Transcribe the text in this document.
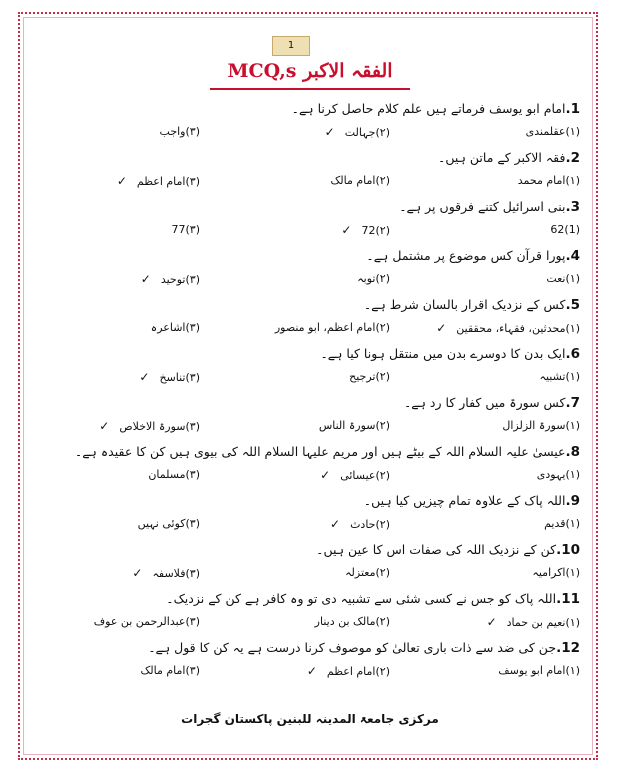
1
الفقہ الاکبر MCQ,s
1.امام ابو یوسف فرماتے ہیں علم کلام حاصل کرنا ہے۔
(۱)عقلمندی
(۲)جہالت✓
(۳)واجب
2.فقہ الاکبر کے ماتن ہیں۔
(۱)امام محمد
(۲)امام مالک
(۳)امام اعظم✓
3.بنی اسرائیل کتنے فرقوں پر ہے۔
(1)62
(۲)72✓
(۳)77
4.پورا قرآن کس موضوع پر مشتمل ہے۔
(۱)نعت
(۲)توبہ
(۳)توحید✓
5.کس کے نزدیک اقرار بالسان شرط ہے۔
(۱)محدثین، فقہاء، محققین✓
(۲)امام اعظم، ابو منصور
(۳)اشاعرہ
6.ایک بدن کا دوسرے بدن میں منتقل ہونا کیا ہے۔
(۱)تشبیہ
(۲)ترجیح
(۳)تناسخ✓
7.کس سورۃ میں کفار کا رد ہے۔
(۱)سورۃ الزلزال
(۲)سورۃ الناس
(۳)سورۃ الاخلاص✓
8.عیسیٰ علیہ السلام اللہ کے بیٹے ہیں اور مریم علیہا السلام اللہ کی بیوی ہیں کن کا عقیدہ ہے۔
(۱)یہودی
(۲)عیسائی✓
(۳)مسلمان
9.اللہ پاک کے علاوہ تمام چیزیں کیا ہیں۔
(۱)قدیم
(۲)حادث✓
(۳)کوئی نہیں
10.کن کے نزدیک اللہ کی صفات اس کا عین ہیں۔
(۱)اکرامیہ
(۲)معتزلہ
(۳)فلاسفہ✓
11.اللہ پاک کو جس نے کسی شئی سے تشبیہ دی تو وہ کافر ہے کن کے نزدیک۔
(۱)نعیم بن حماد✓
(۲)مالک بن دینار
(۳)عبدالرحمن بن عوف
12.جن کی ضد سے ذات باری تعالیٰ کو موصوف کرنا درست ہے یہ کن کا قول ہے۔
(۱)امام ابو یوسف
(۲)امام اعظم✓
(۳)امام مالک
مرکزی جامعۃ المدینہ للبنین پاکستان گجرات
